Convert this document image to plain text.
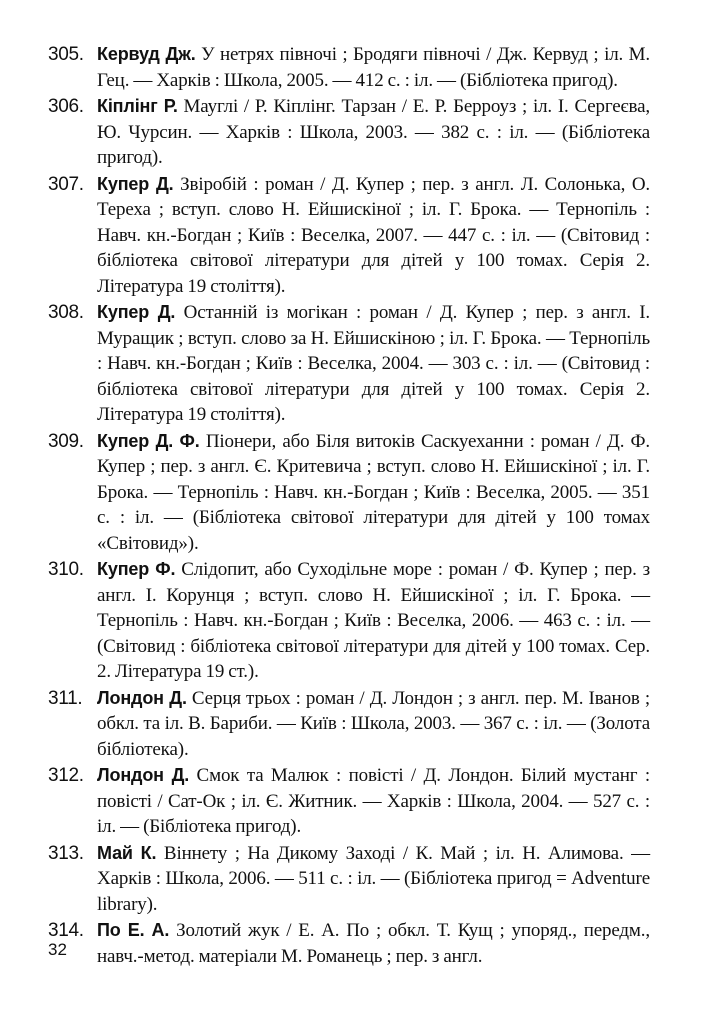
305. Кервуд Дж. У нетрях півночі ; Бродяги півночі / Дж. Кервуд ; іл. М. Гец. — Харків : Школа, 2005. — 412 с. : іл. — (Бібліотека пригод).
306. Кіплінг Р. Мауглі / Р. Кіплінг. Тарзан / Е. Р. Берроуз ; іл. І. Сергеєва, Ю. Чурсин. — Харків : Школа, 2003. — 382 с. : іл. — (Бібліотека пригод).
307. Купер Д. Звіробій : роман / Д. Купер ; пер. з англ. Л. Солонька, О. Тереха ; вступ. слово Н. Ейшискіної ; іл. Г. Брока. — Тернопіль : Навч. кн.-Богдан ; Київ : Веселка, 2007. — 447 с. : іл. — (Світовид : бібліотека світової літератури для дітей у 100 томах. Серія 2. Література 19 століття).
308. Купер Д. Останній із могікан : роман / Д. Купер ; пер. з англ. І. Муращик ; вступ. слово за Н. Ейшискіною ; іл. Г. Брока. — Тернопіль : Навч. кн.-Богдан ; Київ : Веселка, 2004. — 303 с. : іл. — (Світовид : бібліотека світової літератури для дітей у 100 томах. Серія 2. Література 19 століття).
309. Купер Д. Ф. Піонери, або Біля витоків Саскуеханни : роман / Д. Ф. Купер ; пер. з англ. Є. Критевича ; вступ. слово Н. Ейшискіної ; іл. Г. Брока. — Тернопіль : Навч. кн.-Богдан ; Київ : Веселка, 2005. — 351 с. : іл. — (Бібліотека світової літератури для дітей у 100 томах «Світовид»).
310. Купер Ф. Слідопит, або Суходільне море : роман / Ф. Купер ; пер. з англ. І. Корунця ; вступ. слово Н. Ейшискіної ; іл. Г. Брока. — Тернопіль : Навч. кн.-Богдан ; Київ : Веселка, 2006. — 463 с. : іл. — (Світовид : бібліотека світової літератури для дітей у 100 томах. Сер. 2. Література 19 ст.).
311. Лондон Д. Серця трьох : роман / Д. Лондон ; з англ. пер. М. Іванов ; обкл. та іл. В. Бариби. — Київ : Школа, 2003. — 367 с. : іл. — (Золота бібліотека).
312. Лондон Д. Смок та Малюк : повісті / Д. Лондон. Білий мустанг : повісті / Сат-Ок ; іл. Є. Житник. — Харків : Школа, 2004. — 527 с. : іл. — (Бібліотека пригод).
313. Май К. Віннету ; На Дикому Заході / К. Май ; іл. Н. Алимова. — Харків : Школа, 2006. — 511 с. : іл. — (Бібліотека пригод = Adventure library).
314. По Е. А. Золотий жук / Е. А. По ; обкл. Т. Кущ ; упоряд., передм., навч.-метод. матеріали М. Романець ; пер. з англ.
32
